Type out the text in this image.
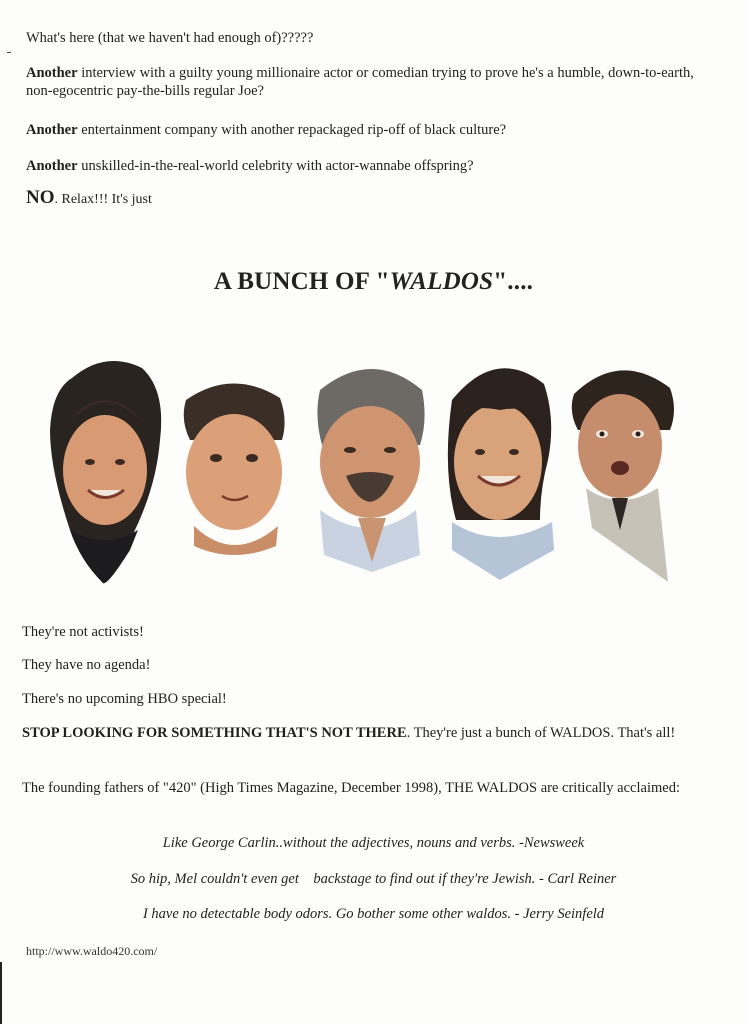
What's here (that we haven't had enough of)?????
Another interview with a guilty young millionaire actor or comedian trying to prove he's a humble, down-to-earth, non-egocentric pay-the-bills regular Joe?
Another entertainment company with another repackaged rip-off of black culture?
Another unskilled-in-the-real-world celebrity with actor-wannabe offspring?
NO. Relax!!! It's just
A BUNCH OF "WALDOS"....
They're not activists!
They have no agenda!
There's no upcoming HBO special!
STOP LOOKING FOR SOMETHING THAT'S NOT THERE. They're just a bunch of WALDOS. That's all!
The founding fathers of "420" (High Times Magazine, December 1998), THE WALDOS are critically acclaimed:
Like George Carlin..without the adjectives, nouns and verbs. -Newsweek
So hip, Mel couldn't even get    backstage to find out if they're Jewish. - Carl Reiner
I have no detectable body odors. Go bother some other waldos. - Jerry Seinfeld
http://www.waldo420.com/
